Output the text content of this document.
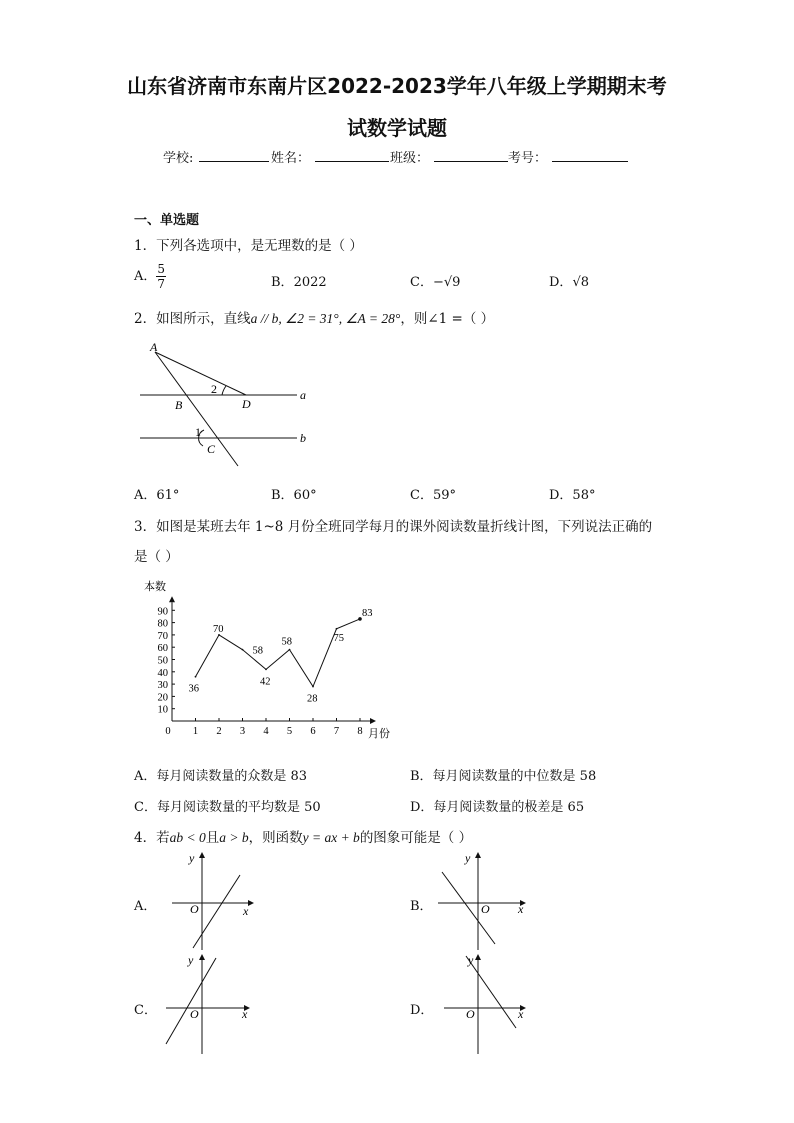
山东省济南市东南片区2022-2023学年八年级上学期期末考
试数学试题
学校:	姓名：	班级：	考号：
一、单选题
1．下列各选项中，是无理数的是（ ）
A． $\frac{5}{7}$	B．2022	C．−√9	D．√8
2．如图所示，直线a // b, ∠2 = 31°, ∠A = 28°，则∠1 =（ ）
A
B	D
C
2
1
a
b
A．61°	B．60°	C．59°	D．58°
3．如图是某班去年 1~8 月份全班同学每月的课外阅读数量折线计图，下列说法正确的
是（ ）
10
20
30
40
50
60
70
80
90
0 1 2 3 4 5 6 7 8
36
70
58
42
58
28
75
83
本数
月份
A．每月阅读数量的众数是 83	B．每月阅读数量的中位数是 58
C．每月阅读数量的平均数是 50	D．每月阅读数量的极差是 65
4．若ab < 0且a > b，则函数y = ax + b的图象可能是（ ）
A．
y
x
O	B．
y
x
O
C．
y
x
O	D．
y
x
O
